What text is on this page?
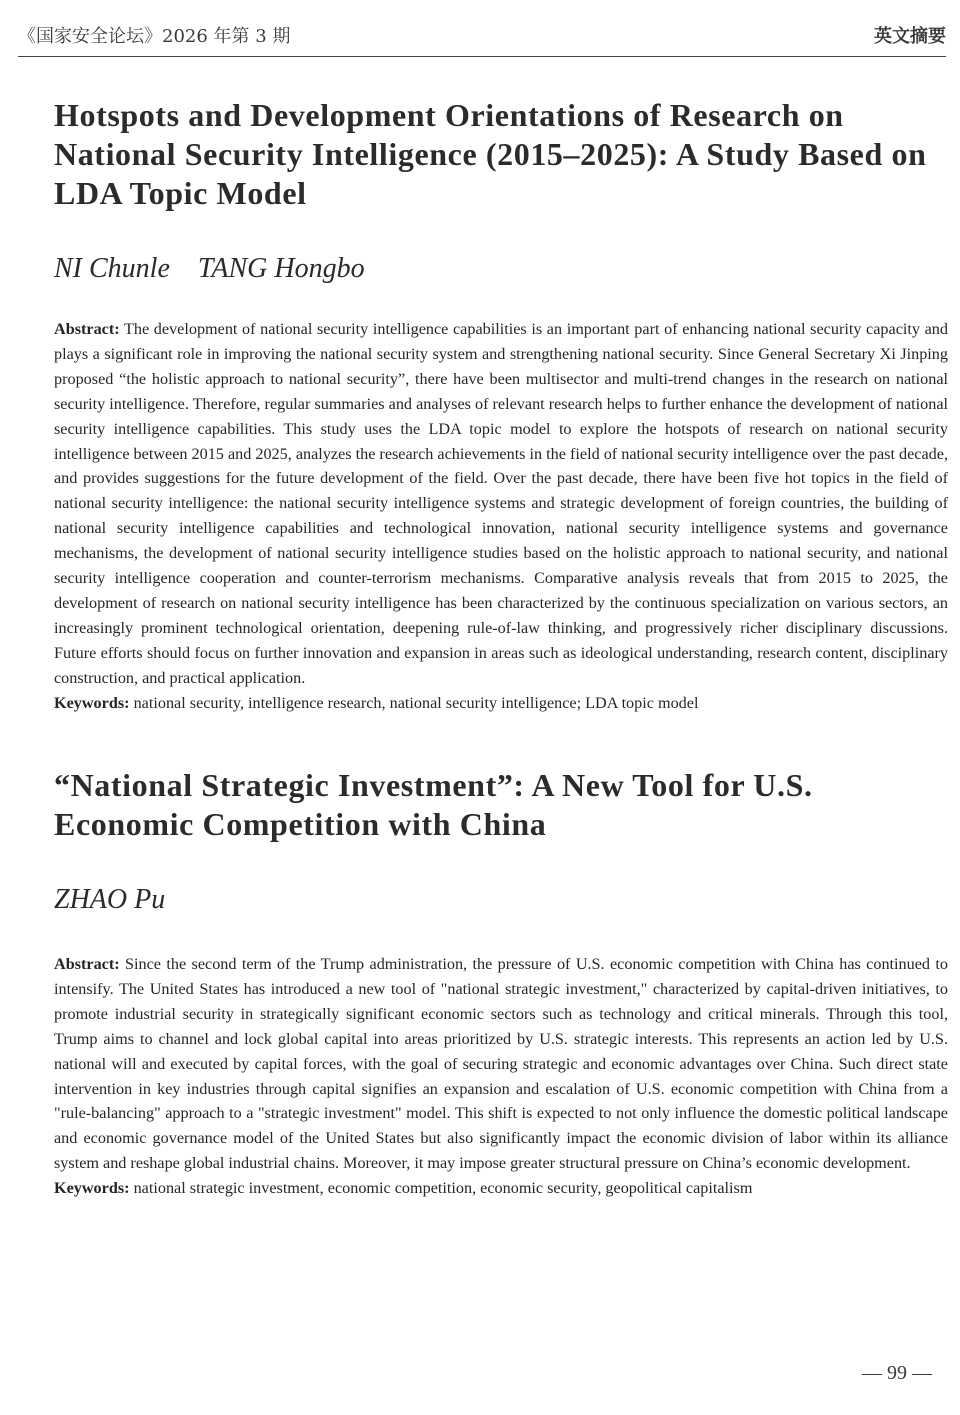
《国家安全论坛》2026 年第 3 期	英文摘要
Hotspots and Development Orientations of Research on National Security Intelligence (2015–2025): A Study Based on LDA Topic Model

NI Chunle    TANG Hongbo

Abstract: The development of national security intelligence capabilities is an important part of enhancing national security capacity and plays a significant role in improving the national security system and strengthening national security. Since General Secretary Xi Jinping proposed “the holistic approach to national security”, there have been multisector and multi-trend changes in the research on national security intelligence. Therefore, regular summaries and analyses of relevant research helps to further enhance the development of national security intelligence capabilities. This study uses the LDA topic model to explore the hotspots of research on national security intelligence between 2015 and 2025, analyzes the research achievements in the field of national security intelligence over the past decade, and provides suggestions for the future development of the field. Over the past decade, there have been five hot topics in the field of national security intelligence: the national security intelligence systems and strategic development of foreign countries, the building of national security intelligence capabilities and technological innovation, national security intelligence systems and governance mechanisms, the development of national security intelligence studies based on the holistic approach to national security, and national security intelligence cooperation and counter-terrorism mechanisms. Comparative analysis reveals that from 2015 to 2025, the development of research on national security intelligence has been characterized by the continuous specialization on various sectors, an increasingly prominent technological orientation, deepening rule-of-law thinking, and progressively richer disciplinary discussions. Future efforts should focus on further innovation and expansion in areas such as ideological understanding, research content, disciplinary construction, and practical application.

Keywords: national security, intelligence research, national security intelligence; LDA topic model

“National Strategic Investment”: A New Tool for U.S. Economic Competition with China

ZHAO Pu

Abstract: Since the second term of the Trump administration, the pressure of U.S. economic competition with China has continued to intensify. The United States has introduced a new tool of "national strategic investment," characterized by capital-driven initiatives, to promote industrial security in strategically significant economic sectors such as technology and critical minerals. Through this tool, Trump aims to channel and lock global capital into areas prioritized by U.S. strategic interests. This represents an action led by U.S. national will and executed by capital forces, with the goal of securing strategic and economic advantages over China. Such direct state intervention in key industries through capital signifies an expansion and escalation of U.S. economic competition with China from a "rule-balancing" approach to a "strategic investment" model. This shift is expected to not only influence the domestic political landscape and economic governance model of the United States but also significantly impact the economic division of labor within its alliance system and reshape global industrial chains. Moreover, it may impose greater structural pressure on China’s economic development.

Keywords: national strategic investment, economic competition, economic security, geopolitical capitalism

— 99 —
